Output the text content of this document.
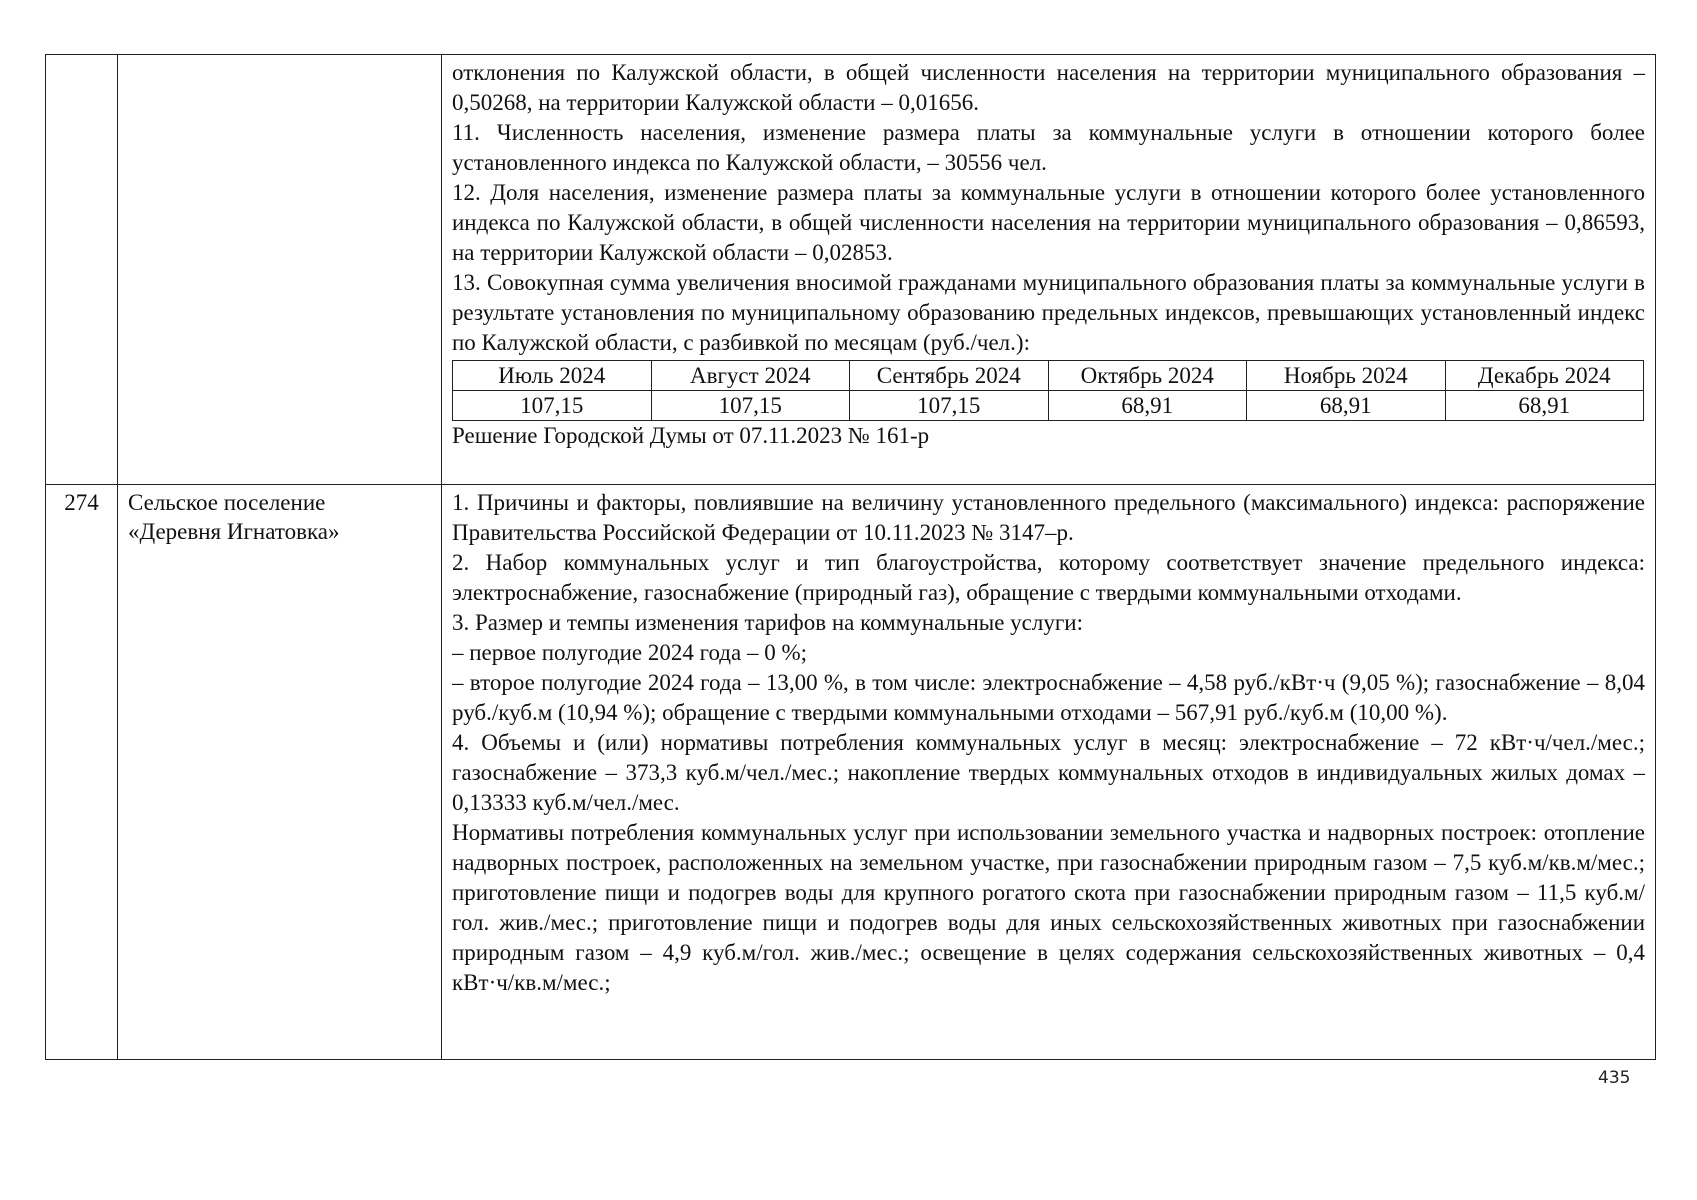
отклонения по Калужской области, в общей численности населения на территории муниципального образования – 0,50268, на территории Калужской области – 0,01656.

11. Численность населения, изменение размера платы за коммунальные услуги в отношении которого более установленного индекса по Калужской области, – 30556 чел.

12. Доля населения, изменение размера платы за коммунальные услуги в отношении которого более установленного индекса по Калужской области, в общей численности населения на территории муниципального образования – 0,86593, на территории Калужской области – 0,02853.

13. Совокупная сумма увеличения вносимой гражданами муниципального образования платы за коммунальные услуги в результате установления по муниципальному образованию предельных индексов, превышающих установленный индекс по Калужской области, с разбивкой по месяцам (руб./чел.):

Июль 2024	Август 2024	Сентябрь 2024	Октябрь 2024	Ноябрь 2024	Декабрь 2024
107,15	107,15	107,15	68,91	68,91	68,91

Решение Городской Думы от 07.11.2023 № 161-р

274	Сельское поселение
«Деревня Игнатовка»

1. Причины и факторы, повлиявшие на величину установленного предельного (максимального) индекса: распоряжение Правительства Российской Федерации от 10.11.2023 № 3147–р.

2. Набор коммунальных услуг и тип благоустройства, которому соответствует значение предельного индекса: электроснабжение, газоснабжение (природный газ), обращение с твердыми коммунальными отходами.

3. Размер и темпы изменения тарифов на коммунальные услуги:

– первое полугодие 2024 года – 0 %;

– второе полугодие 2024 года – 13,00 %, в том числе: электроснабжение – 4,58 руб./кВт·ч (9,05 %); газоснабжение – 8,04 руб./куб.м (10,94 %); обращение с твердыми коммунальными отходами – 567,91 руб./куб.м (10,00 %).

4. Объемы и (или) нормативы потребления коммунальных услуг в месяц: электроснабжение – 72 кВт·ч/чел./мес.; газоснабжение – 373,3 куб.м/чел./мес.; накопление твердых коммунальных отходов в индивидуальных жилых домах – 0,13333 куб.м/чел./мес.

Нормативы потребления коммунальных услуг при использовании земельного участка и надворных построек: отопление надворных построек, расположенных на земельном участке, при газоснабжении природным газом – 7,5 куб.м/кв.м/мес.; приготовление пищи и подогрев воды для крупного рогатого скота при газоснабжении природным газом – 11,5 куб.м/гол. жив./мес.; приготовление пищи и подогрев воды для иных сельскохозяйственных животных при газоснабжении природным газом – 4,9 куб.м/гол. жив./мес.; освещение в целях содержания сельскохозяйственных животных – 0,4 кВт·ч/кв.м/мес.;

435
